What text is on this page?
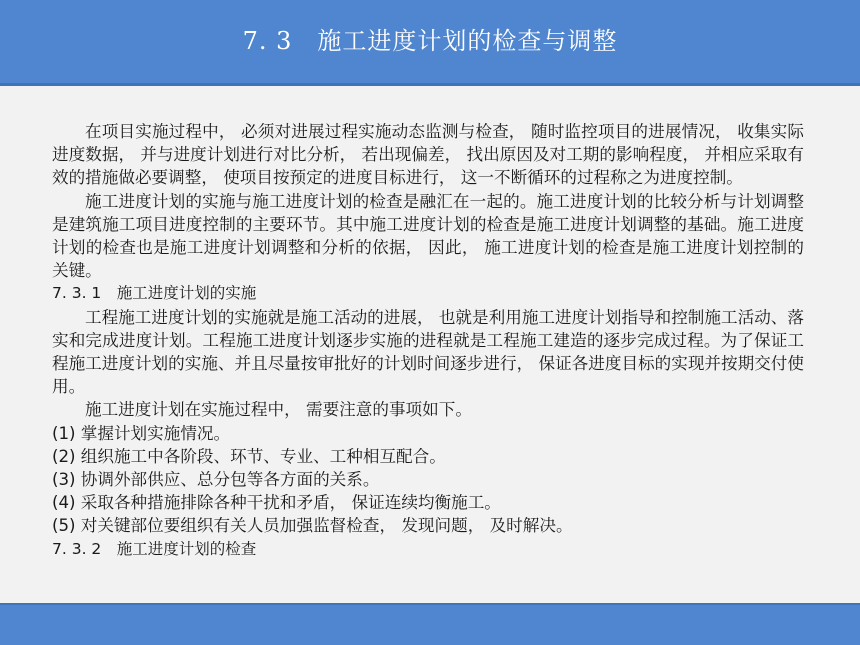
7. 3　施工进度计划的检查与调整

在项目实施过程中， 必须对进展过程实施动态监测与检查， 随时监控项目的进展情况， 收集实际进度数据， 并与进度计划进行对比分析， 若出现偏差， 找出原因及对工期的影响程度， 并相应采取有效的措施做必要调整， 使项目按预定的进度目标进行， 这一不断循环的过程称之为进度控制。

施工进度计划的实施与施工进度计划的检查是融汇在一起的。施工进度计划的比较分析与计划调整是建筑施工项目进度控制的主要环节。其中施工进度计划的检查是施工进度计划调整的基础。施工进度计划的检查也是施工进度计划调整和分析的依据， 因此， 施工进度计划的检查是施工进度计划控制的关键。

7. 3. 1　施工进度计划的实施

工程施工进度计划的实施就是施工活动的进展， 也就是利用施工进度计划指导和控制施工活动、落实和完成进度计划。工程施工进度计划逐步实施的进程就是工程施工建造的逐步完成过程。为了保证工程施工进度计划的实施、并且尽量按审批好的计划时间逐步进行， 保证各进度目标的实现并按期交付使用。

施工进度计划在实施过程中， 需要注意的事项如下。

(1) 掌握计划实施情况。

(2) 组织施工中各阶段、环节、专业、工种相互配合。

(3) 协调外部供应、总分包等各方面的关系。

(4) 采取各种措施排除各种干扰和矛盾， 保证连续均衡施工。

(5) 对关键部位要组织有关人员加强监督检查， 发现问题， 及时解决。

7. 3. 2　施工进度计划的检查
